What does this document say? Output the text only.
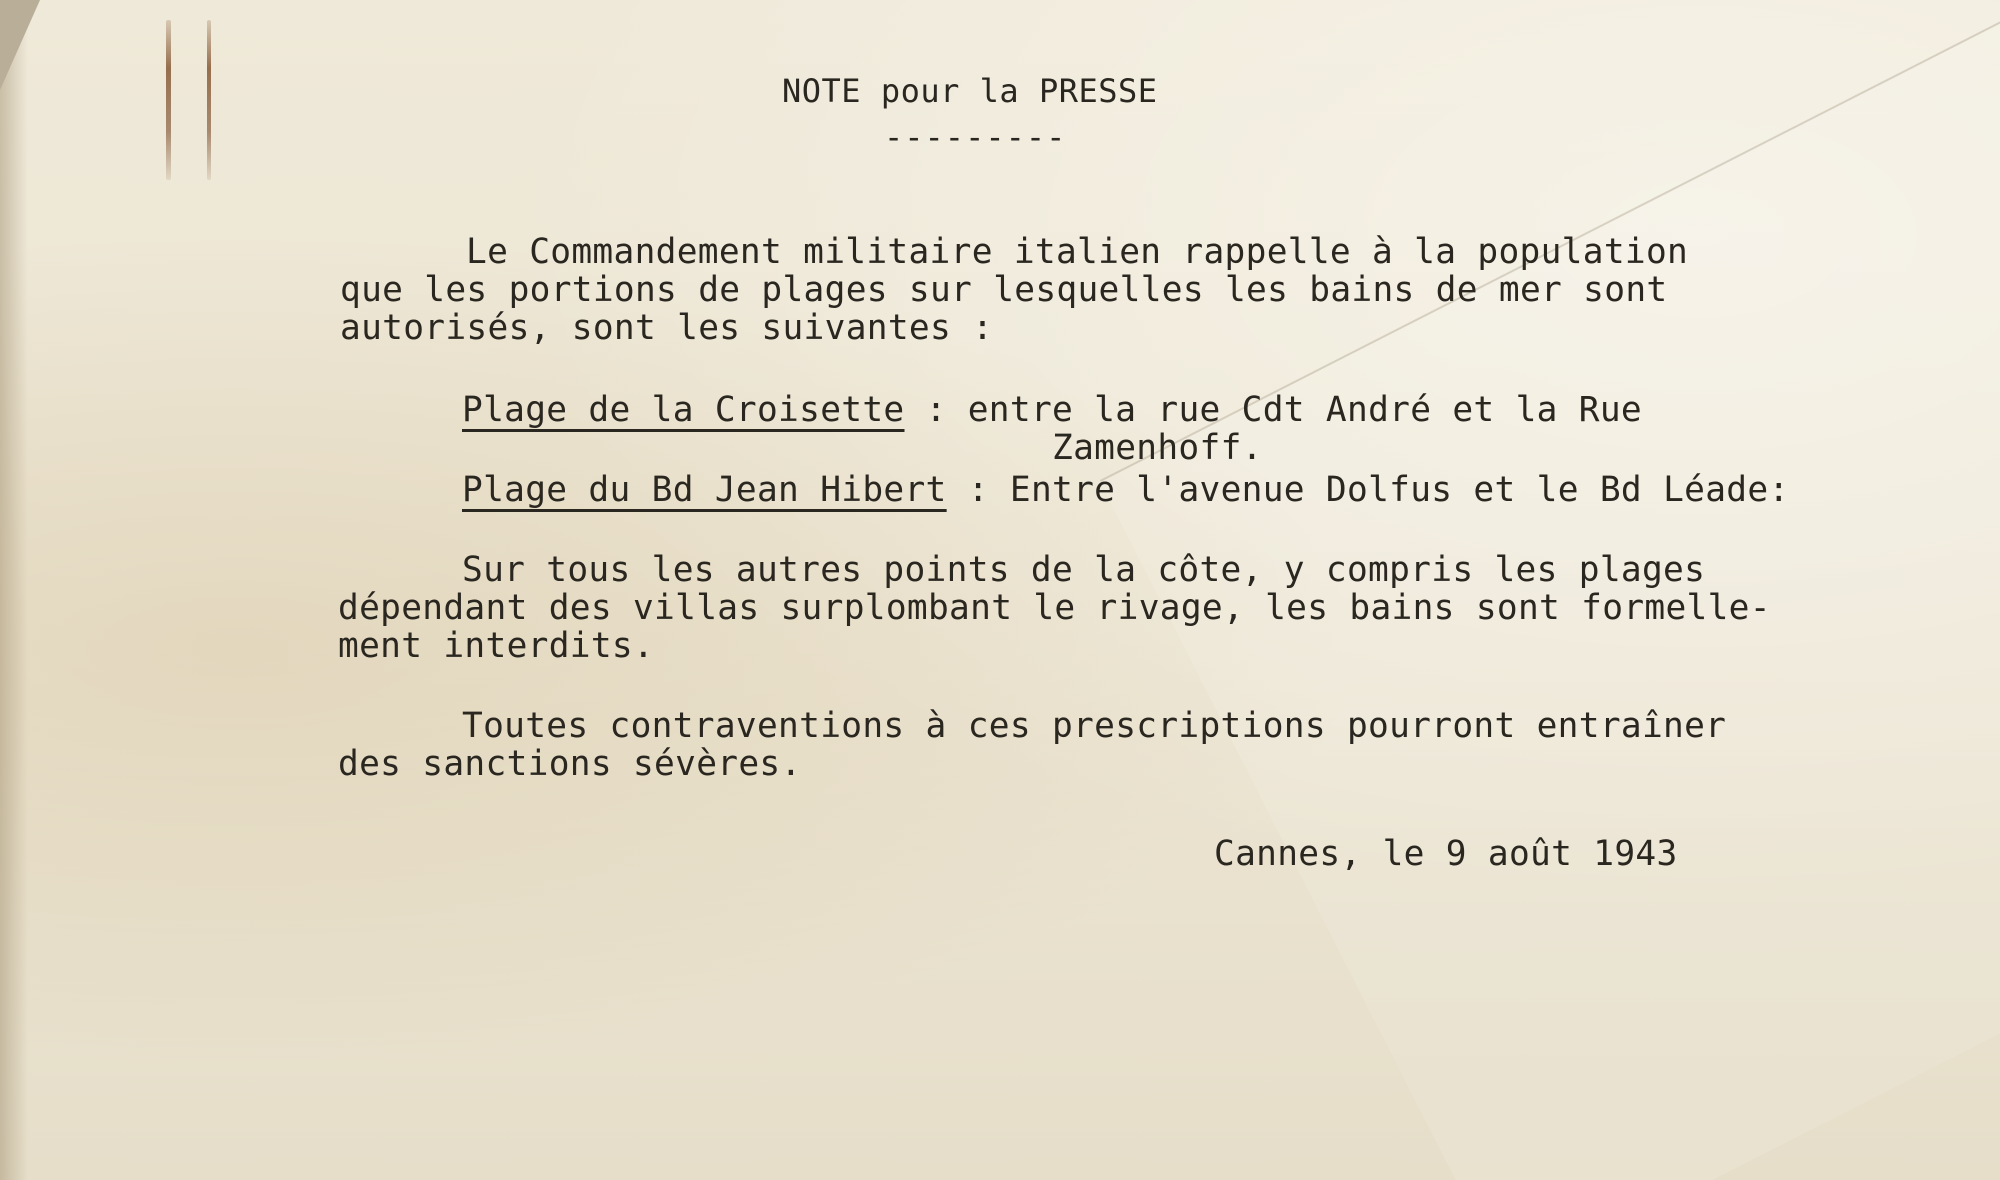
NOTE pour la PRESSE
---------
Le Commandement militaire italien rappelle à la population
que les portions de plages sur lesquelles les bains de mer sont
autorisés, sont les suivantes :
Plage de la Croisette : entre la rue Cdt André et la Rue
Zamenhoff.
Plage du Bd Jean Hibert : Entre l'avenue Dolfus et le Bd Léade:
Sur tous les autres points de la côte, y compris les plages
dépendant des villas surplombant le rivage, les bains sont formelle-
ment interdits.
Toutes contraventions à ces prescriptions pourront entraîner
des sanctions sévères.
Cannes, le 9 août 1943
